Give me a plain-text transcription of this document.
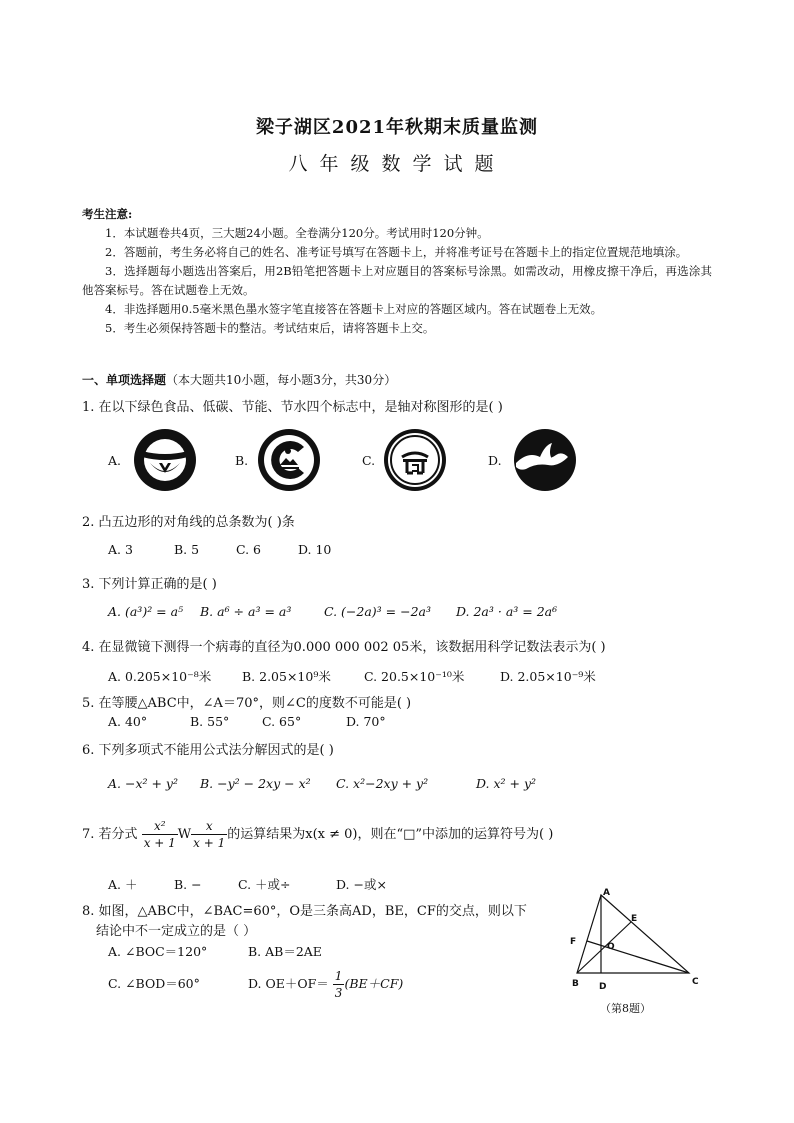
梁子湖区2021年秋期末质量监测
八年级数学试题
考生注意:

1．本试题卷共4页，三大题24小题。全卷满分120分。考试用时120分钟。

2．答题前，考生务必将自己的姓名、准考证号填写在答题卡上，并将准考证号在答题卡上的指定位置规范地填涂。

3．选择题每小题选出答案后，用2B铅笔把答题卡上对应题目的答案标号涂黑。如需改动，用橡皮擦干净后，再选涂其他答案标号。答在试题卷上无效。

4．非选择题用0.5毫米黑色墨水签字笔直接答在答题卡上对应的答题区域内。答在试题卷上无效。

5．考生必须保持答题卡的整洁。考试结束后，请将答题卡上交。

一、单项选择题（本大题共10小题，每小题3分，共30分）
1. 在以下绿色食品、低碳、节能、节水四个标志中，是轴对称图形的是( )
A.	B.	C.	D.
2. 凸五边形的对角线的总条数为( )条
A. 3	B. 5	C. 6	D. 10
3. 下列计算正确的是( )
A. (a³)² = a⁵ B. a⁶ ÷ a³ = a³	C. (−2a)³ = −2a³ D. 2a³ · a³ = 2a⁶
4. 在显微镜下测得一个病毒的直径为0.000 000 002 05米，该数据用科学记数法表示为( )
A. 0.205×10⁻⁸米 B. 2.05×10⁹米	C. 20.5×10⁻¹⁰米	D. 2.05×10⁻⁹米
5. 在等腰△ABC中，∠A＝70°，则∠C的度数不可能是( )
A. 40°	B. 55°	C. 65°	D. 70°
6. 下列多项式不能用公式法分解因式的是( )
A. −x² + y² B. −y² − 2xy − x² C. x²−2xy + y²	D. x² + y²
7. 若分式 $\frac{\text{x²}}{x + 1}$ W $\frac{x}{x + 1}$ 的运算结果为x(x ≠ 0)，则在“□”中添加的运算符号为( )
A. ＋	B. −	C. ＋或÷	D. −或×
8. 如图，△ABC中，∠BAC=60°，O是三条高AD，BE，CF的交点，则以下
结论中不一定成立的是（ ）
A. ∠BOC＝120°	B. AB＝2AE
C. ∠BOD＝60°	D. $OE+OF= \frac{1}{3} (BE+CF)$
A
E
F	O
B D	C
（第8题）
